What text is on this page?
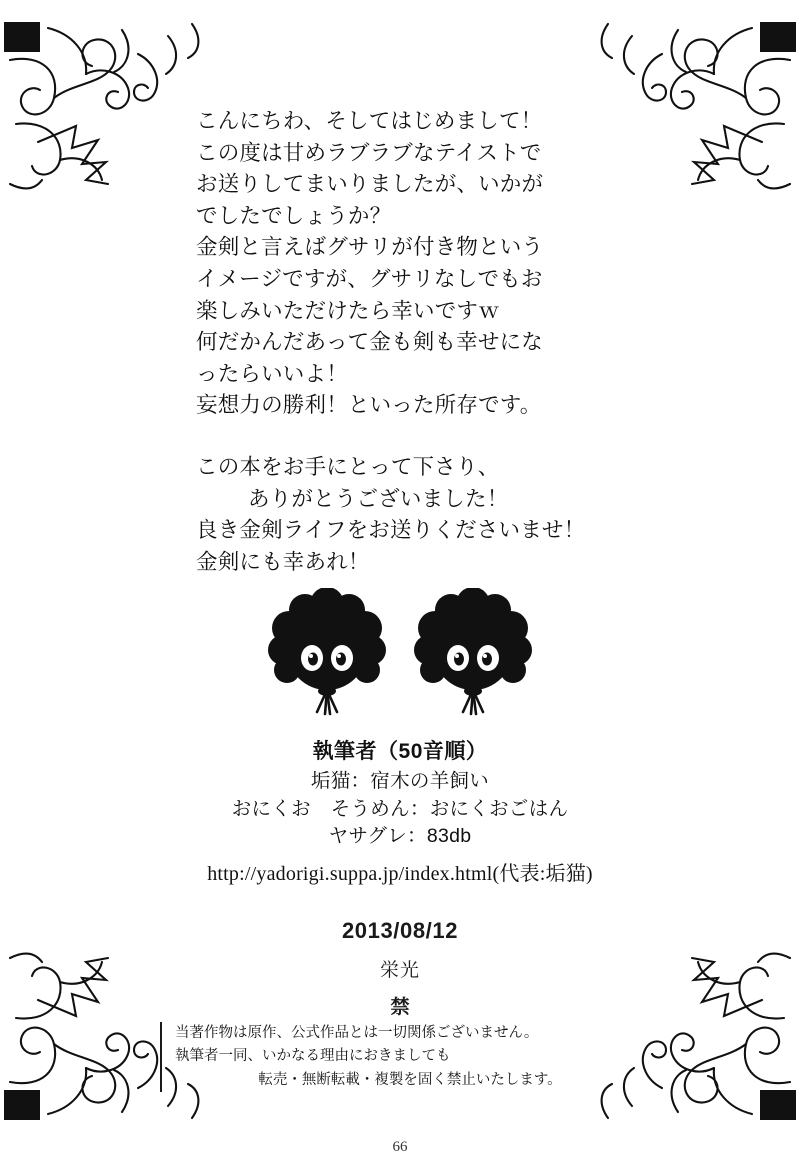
こんにちわ、そしてはじめまして！

この度は甘めラブラブなテイストで

お送りしてまいりましたが、いかが

でしたでしょうか？

金剣と言えばグサリが付き物という

イメージですが、グサリなしでもお

楽しみいただけたら幸いですｗ

何だかんだあって金も剣も幸せにな

ったらいいよ！

妄想力の勝利！といった所存です。

この本をお手にとって下さり、

ありがとうございました！

良き金剣ライフをお送りくださいませ！

金剣にも幸あれ！

執筆者（50音順）
垢猫：宿木の羊飼い
おにくお　そうめん：おにくおごはん
ヤサグレ：83db
http://yadorigi.suppa.jp/index.html(代表:垢猫)
2013/08/12
栄光
禁
当著作物は原作、公式作品とは一切関係ございません。
執筆者一同、いかなる理由におきましても
転売・無断転載・複製を固く禁止いたします。
66
